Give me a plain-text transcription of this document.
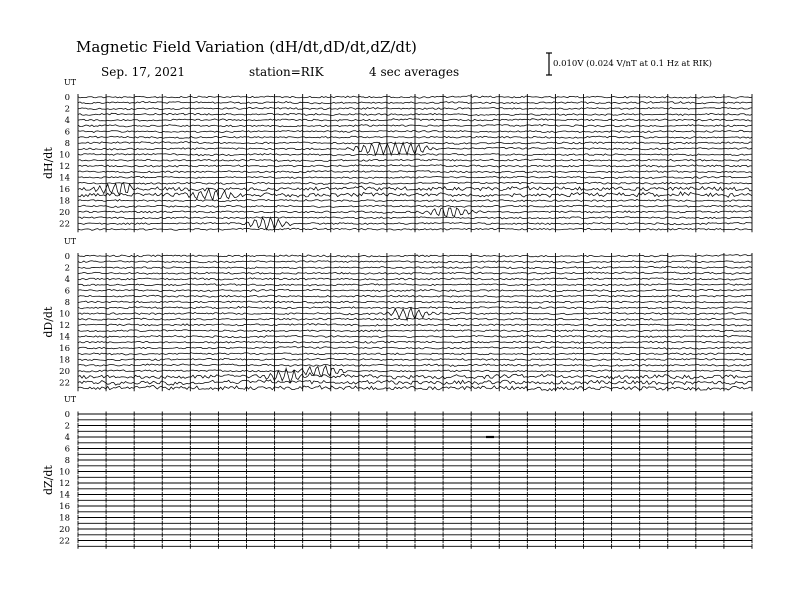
Magnetic Field Variation (dH/dt,dD/dt,dZ/dt)
Sep. 17, 2021	station=RIK	4 sec averages
0.010V (0.024 V/nT at 0.1 Hz at RIK)
UT
dH/dt
0
2
4
6
8
10
12
14
16
18
20
22
UT
dD/dt
0
2
4
6
8
10
12
14
16
18
20
22
UT
dZ/dt
0
2
4
6
8
10
12
14
16
18
20
22
